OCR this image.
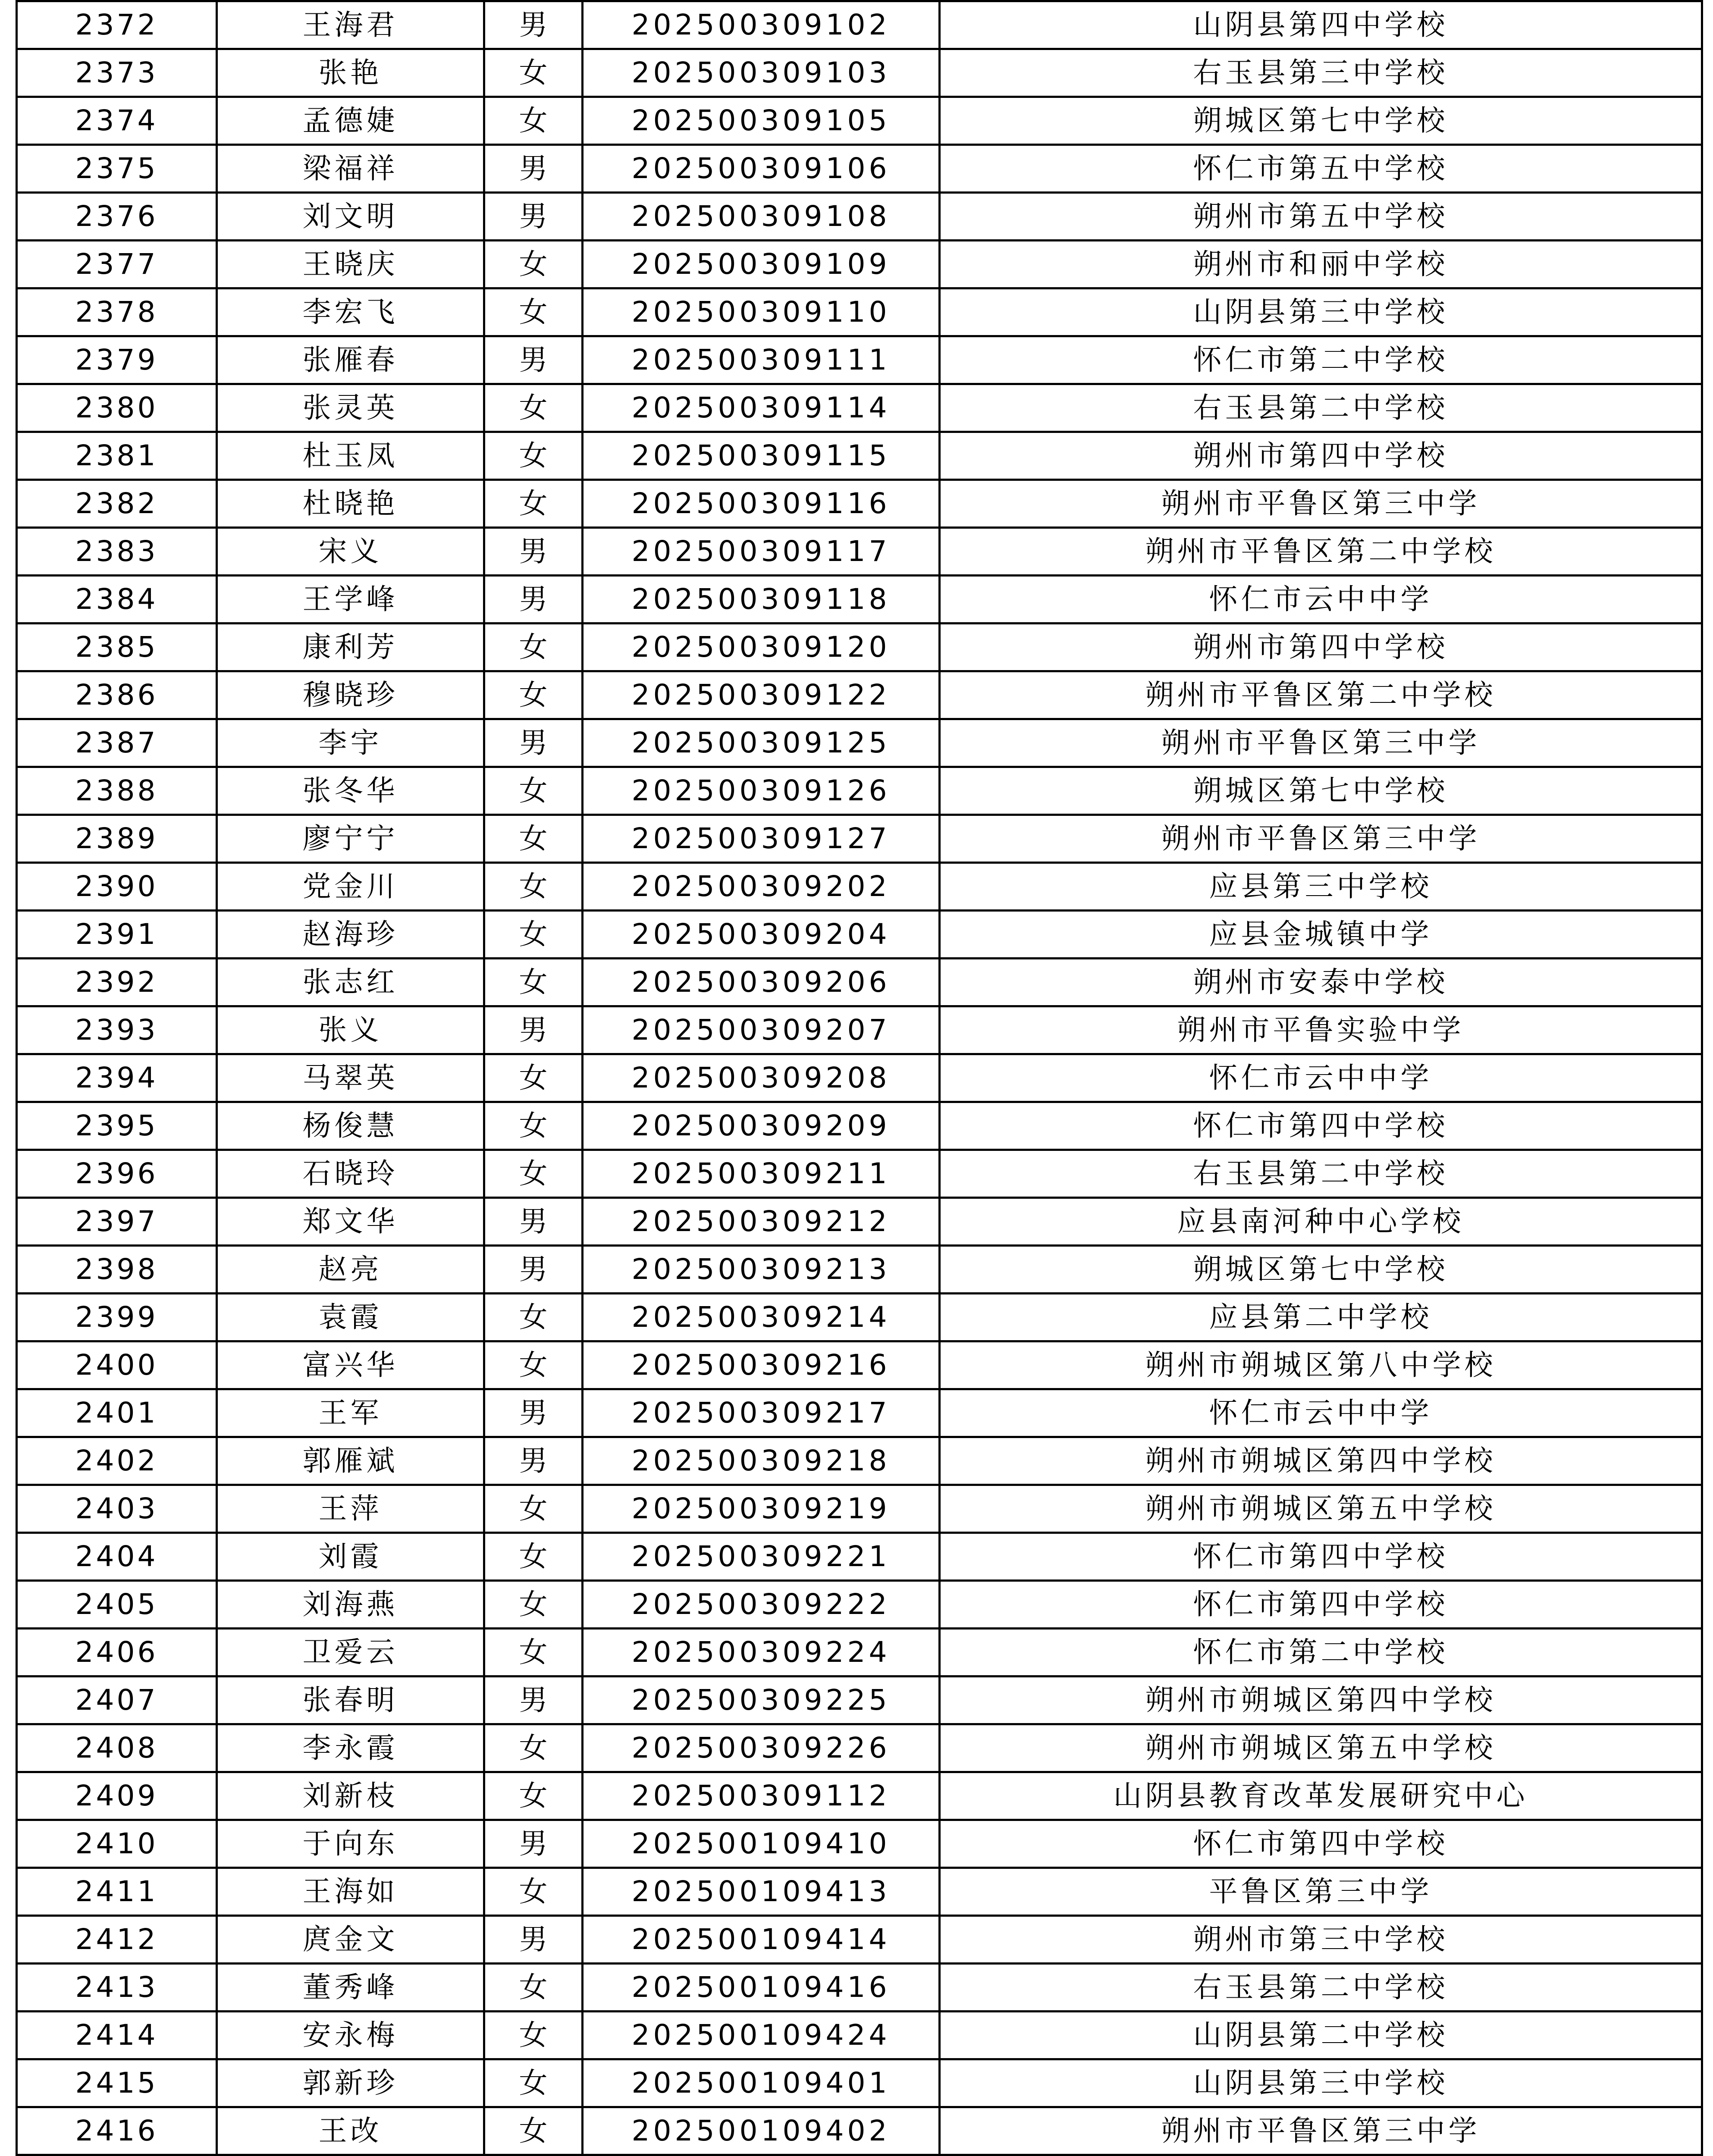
2372	王海君	男	202500309102	山阴县第四中学校
2373	张艳	女	202500309103	右玉县第三中学校
2374	孟德婕	女	202500309105	朔城区第七中学校
2375	梁福祥	男	202500309106	怀仁市第五中学校
2376	刘文明	男	202500309108	朔州市第五中学校
2377	王晓庆	女	202500309109	朔州市和丽中学校
2378	李宏飞	女	202500309110	山阴县第三中学校
2379	张雁春	男	202500309111	怀仁市第二中学校
2380	张灵英	女	202500309114	右玉县第二中学校
2381	杜玉凤	女	202500309115	朔州市第四中学校
2382	杜晓艳	女	202500309116	朔州市平鲁区第三中学
2383	宋义	男	202500309117	朔州市平鲁区第二中学校
2384	王学峰	男	202500309118	怀仁市云中中学
2385	康利芳	女	202500309120	朔州市第四中学校
2386	穆晓珍	女	202500309122	朔州市平鲁区第二中学校
2387	李宇	男	202500309125	朔州市平鲁区第三中学
2388	张冬华	女	202500309126	朔城区第七中学校
2389	廖宁宁	女	202500309127	朔州市平鲁区第三中学
2390	党金川	女	202500309202	应县第三中学校
2391	赵海珍	女	202500309204	应县金城镇中学
2392	张志红	女	202500309206	朔州市安泰中学校
2393	张义	男	202500309207	朔州市平鲁实验中学
2394	马翠英	女	202500309208	怀仁市云中中学
2395	杨俊慧	女	202500309209	怀仁市第四中学校
2396	石晓玲	女	202500309211	右玉县第二中学校
2397	郑文华	男	202500309212	应县南河种中心学校
2398	赵亮	男	202500309213	朔城区第七中学校
2399	袁霞	女	202500309214	应县第二中学校
2400	富兴华	女	202500309216	朔州市朔城区第八中学校
2401	王军	男	202500309217	怀仁市云中中学
2402	郭雁斌	男	202500309218	朔州市朔城区第四中学校
2403	王萍	女	202500309219	朔州市朔城区第五中学校
2404	刘霞	女	202500309221	怀仁市第四中学校
2405	刘海燕	女	202500309222	怀仁市第四中学校
2406	卫爱云	女	202500309224	怀仁市第二中学校
2407	张春明	男	202500309225	朔州市朔城区第四中学校
2408	李永霞	女	202500309226	朔州市朔城区第五中学校
2409	刘新枝	女	202500309112	山阴县教育改革发展研究中心
2410	于向东	男	202500109410	怀仁市第四中学校
2411	王海如	女	202500109413	平鲁区第三中学
2412	庹金文	男	202500109414	朔州市第三中学校
2413	董秀峰	女	202500109416	右玉县第二中学校
2414	安永梅	女	202500109424	山阴县第二中学校
2415	郭新珍	女	202500109401	山阴县第三中学校
2416	王改	女	202500109402	朔州市平鲁区第三中学
